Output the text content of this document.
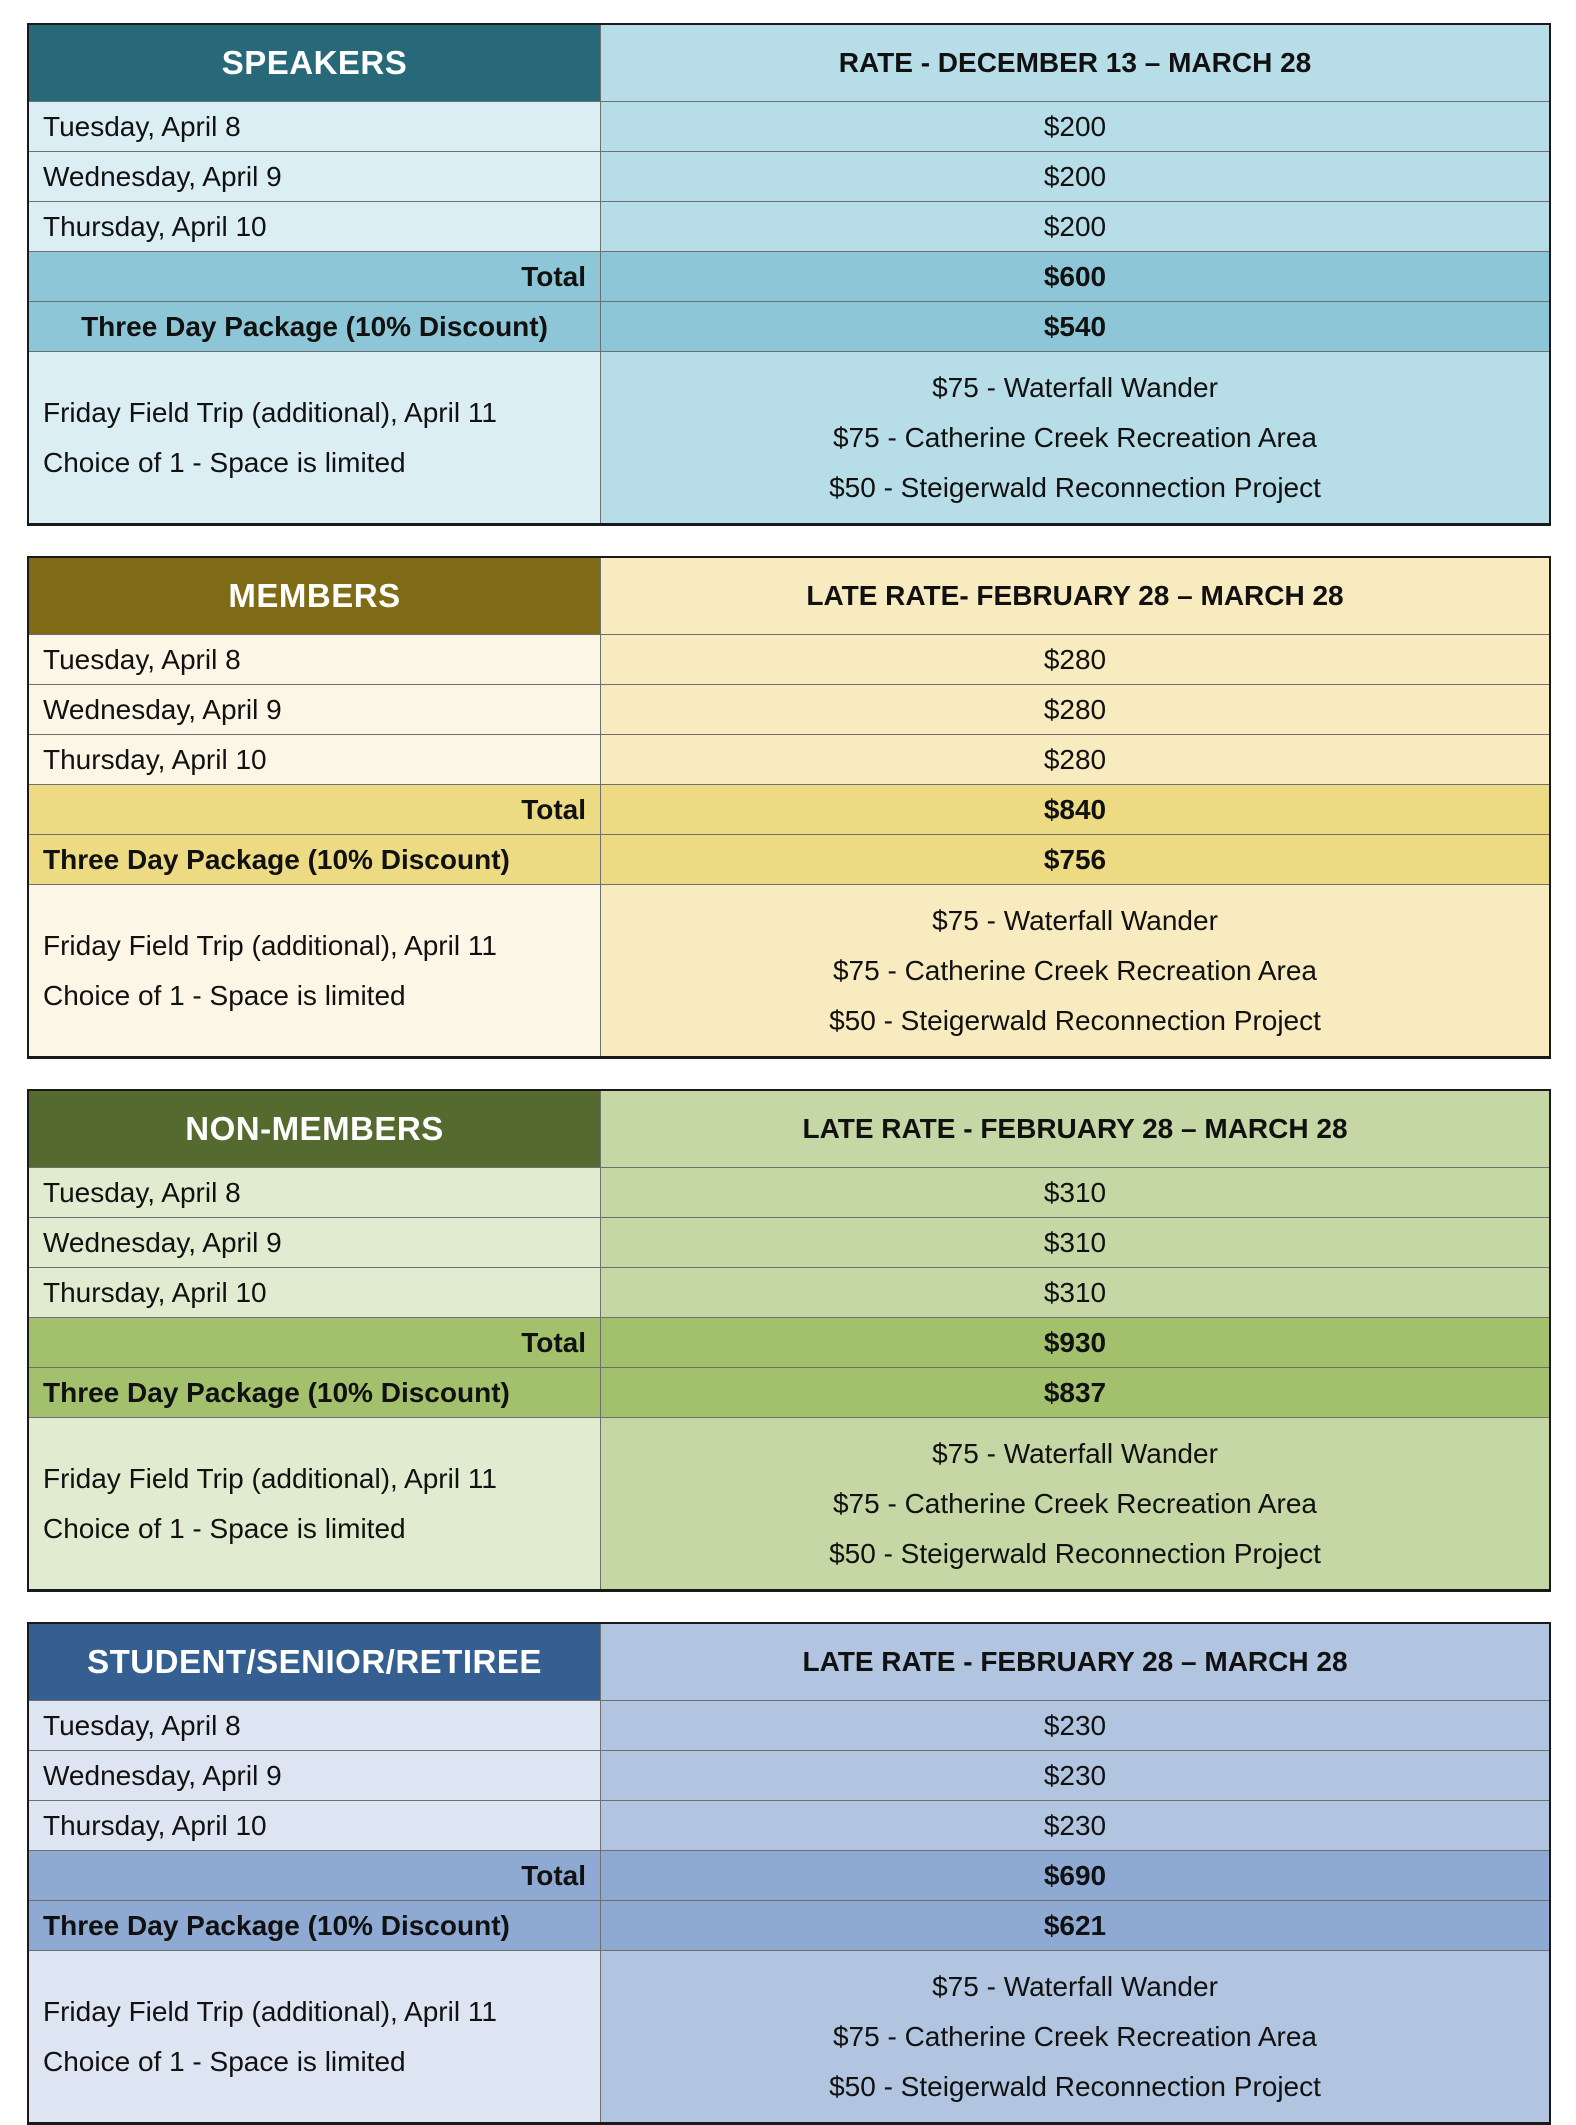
SPEAKERS	RATE - DECEMBER 13 – MARCH 28
Tuesday, April 8	$200
Wednesday, April 9	$200
Thursday, April 10	$200
Total	$600
Three Day Package (10% Discount)	$540
Friday Field Trip (additional), April 11
Choice of 1 - Space is limited
$75 - Waterfall Wander
$75 - Catherine Creek Recreation Area
$50 - Steigerwald Reconnection Project
MEMBERS	LATE RATE- FEBRUARY 28 – MARCH 28
Tuesday, April 8	$280
Wednesday, April 9	$280
Thursday, April 10	$280
Total	$840
Three Day Package (10% Discount)	$756
Friday Field Trip (additional), April 11
Choice of 1 - Space is limited
$75 - Waterfall Wander
$75 - Catherine Creek Recreation Area
$50 - Steigerwald Reconnection Project
NON-MEMBERS	LATE RATE - FEBRUARY 28 – MARCH 28
Tuesday, April 8	$310
Wednesday, April 9	$310
Thursday, April 10	$310
Total	$930
Three Day Package (10% Discount)	$837
Friday Field Trip (additional), April 11
Choice of 1 - Space is limited
$75 - Waterfall Wander
$75 - Catherine Creek Recreation Area
$50 - Steigerwald Reconnection Project
STUDENT/SENIOR/RETIREE	LATE RATE - FEBRUARY 28 – MARCH 28
Tuesday, April 8	$230
Wednesday, April 9	$230
Thursday, April 10	$230
Total	$690
Three Day Package (10% Discount)	$621
Friday Field Trip (additional), April 11
Choice of 1 - Space is limited
$75 - Waterfall Wander
$75 - Catherine Creek Recreation Area
$50 - Steigerwald Reconnection Project
